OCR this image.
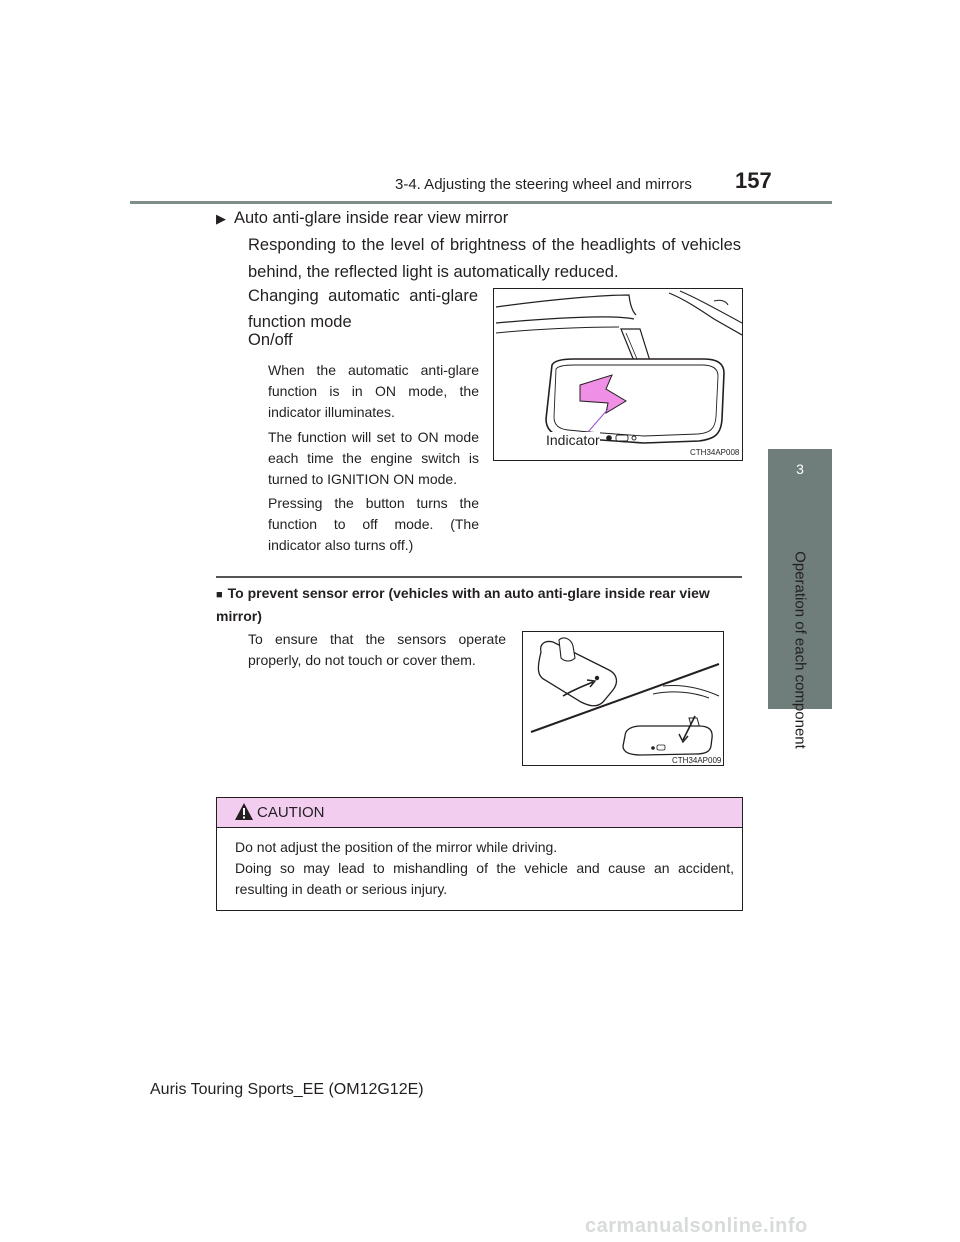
3-4. Adjusting the steering wheel and mirrors 157
3
Operation of each component
▶ Auto anti-glare inside rear view mirror
Responding to the level of brightness of the headlights of vehicles behind, the reflected light is automatically reduced.
Changing automatic anti-glare function mode
On/off
When the automatic anti-glare function is in ON mode, the indicator illuminates.
The function will set to ON mode each time the engine switch is turned to IGNITION ON mode.
Pressing the button turns the function to off mode. (The indicator also turns off.)
Indicator
CTH34AP008
■ To prevent sensor error (vehicles with an auto anti-glare inside rear view mirror)
To ensure that the sensors operate properly, do not touch or cover them.
CTH34AP009
CAUTION
Do not adjust the position of the mirror while driving.
Doing so may lead to mishandling of the vehicle and cause an accident, resulting in death or serious injury.
Auris Touring Sports_EE (OM12G12E)
carmanualsonline.info
